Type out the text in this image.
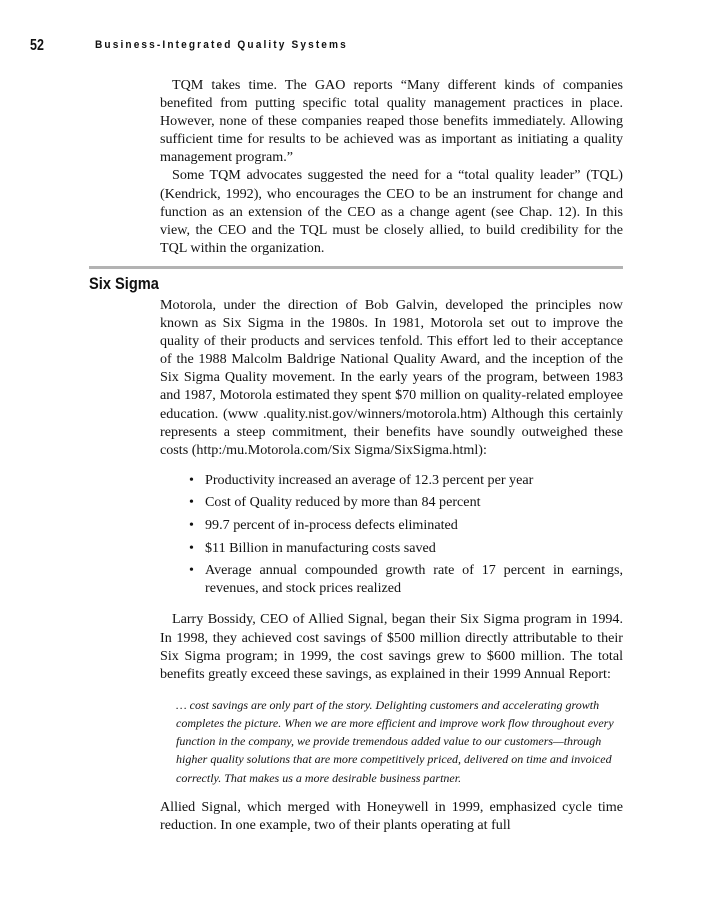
52	Business-Integrated Quality Systems

TQM takes time. The GAO reports “Many different kinds of companies benefited from putting specific total quality management practices in place. However, none of these companies reaped those benefits immediately. Allowing sufficient time for results to be achieved was as important as initiating a quality management program.”

Some TQM advocates suggested the need for a “total quality leader” (TQL) (Kendrick, 1992), who encourages the CEO to be an instrument for change and function as an extension of the CEO as a change agent (see Chap. 12). In this view, the CEO and the TQL must be closely allied, to build credibility for the TQL within the organization.

Six Sigma

Motorola, under the direction of Bob Galvin, developed the principles now known as Six Sigma in the 1980s. In 1981, Motorola set out to improve the quality of their products and services tenfold. This effort led to their acceptance of the 1988 Malcolm Baldrige National Quality Award, and the inception of the Six Sigma Quality movement. In the early years of the program, between 1983 and 1987, Motorola estimated they spent $70 million on quality-related employee education. (www .quality.nist.gov/winners/motorola.htm) Although this certainly represents a steep commitment, their benefits have soundly outweighed these costs (http:/mu.Motorola.com/Six Sigma/SixSigma.html):

• Productivity increased an average of 12.3 percent per year
• Cost of Quality reduced by more than 84 percent
• 99.7 percent of in-process defects eliminated
• $11 Billion in manufacturing costs saved
• Average annual compounded growth rate of 17 percent in earnings, revenues, and stock prices realized

Larry Bossidy, CEO of Allied Signal, began their Six Sigma program in 1994. In 1998, they achieved cost savings of $500 million directly attributable to their Six Sigma program; in 1999, the cost savings grew to $600 million. The total benefits greatly exceed these savings, as explained in their 1999 Annual Report:

… cost savings are only part of the story. Delighting customers and accelerating growth completes the picture. When we are more efficient and improve work flow throughout every function in the company, we provide tremendous added value to our customers—through higher quality solutions that are more competitively priced, delivered on time and invoiced correctly. That makes us a more desirable business partner.

Allied Signal, which merged with Honeywell in 1999, emphasized cycle time reduction. In one example, two of their plants operating at full
